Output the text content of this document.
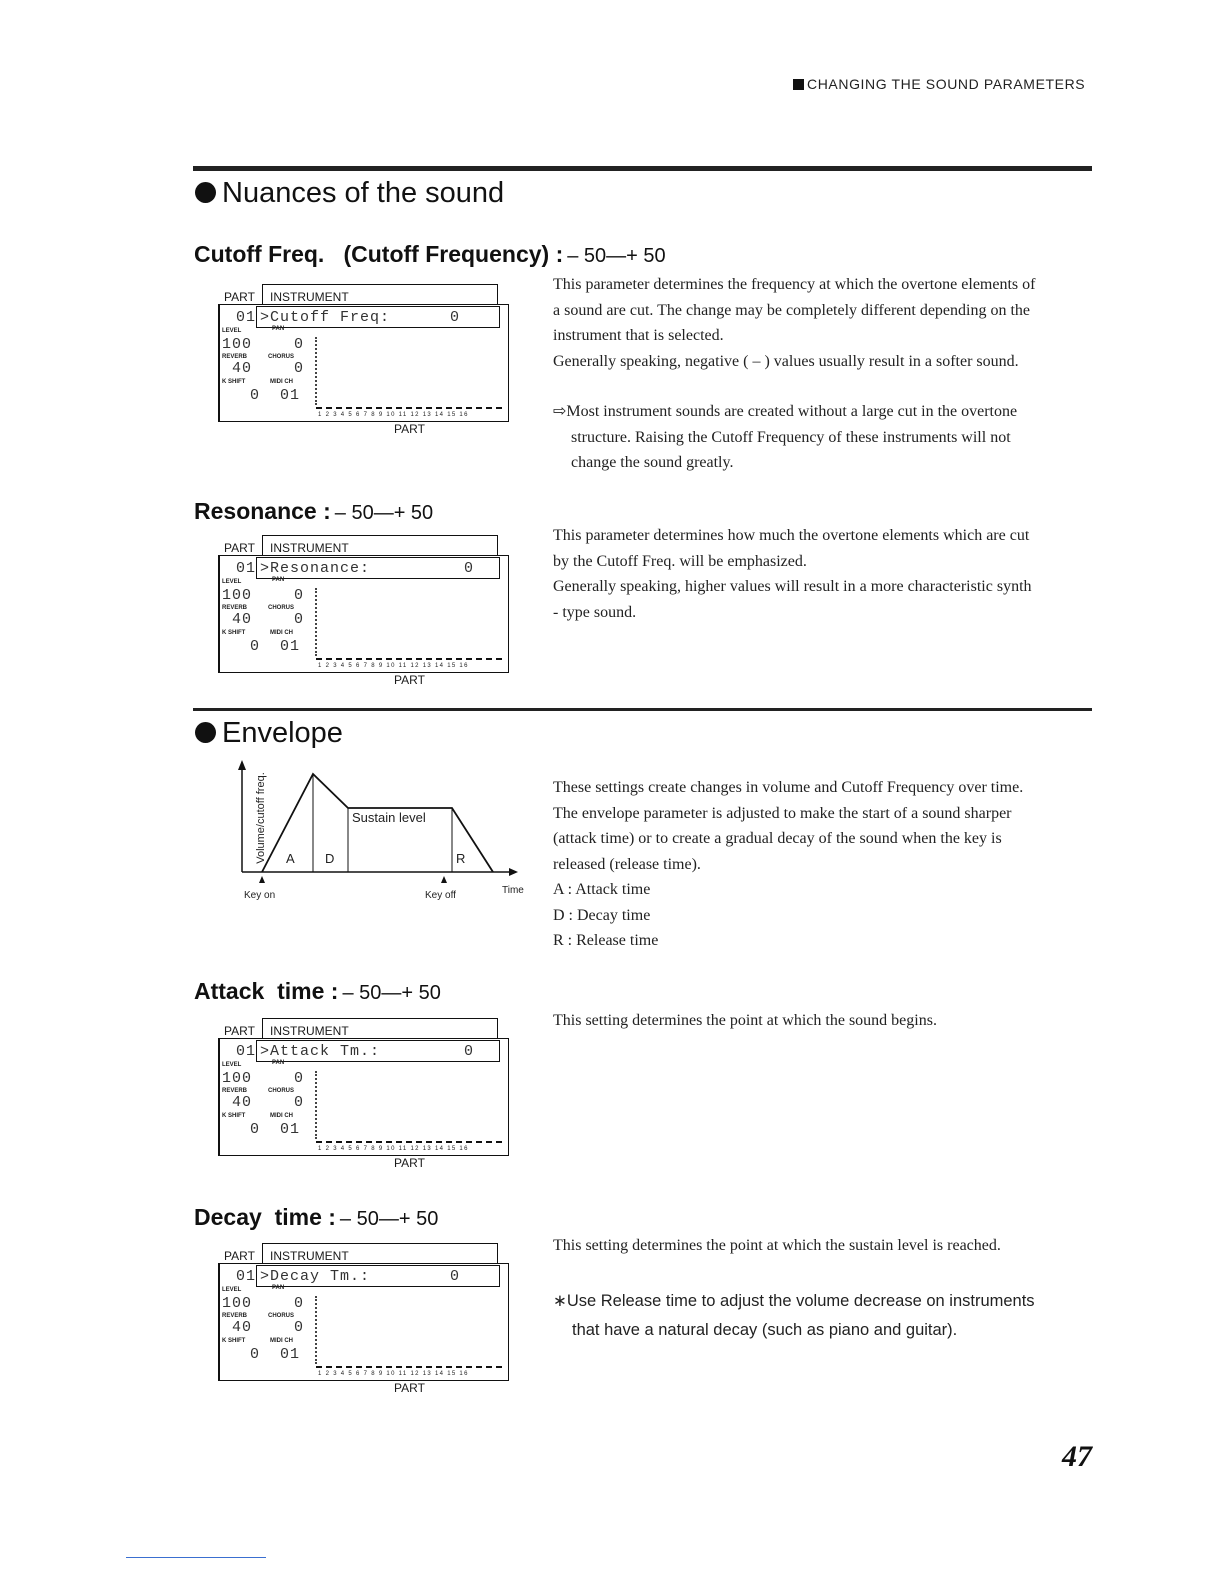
CHANGING THE SOUND PARAMETERS
Nuances of the sound
Cutoff Freq. (Cutoff Frequency) : – 50—+ 50
PART INSTRUMENT
01 >Cutoff Freq:	0
LEVEL	PAN
100	0
REVERB	CHORUS
40	0
K SHIFT	MIDI CH
0 01
1 2 3 4 5 6 7 8 9 10 11 12 13 14 15 16
PART

This parameter determines the frequency at which the overtone elements of

a sound are cut. The change may be completely different depending on the

instrument that is selected.

Generally speaking, negative ( – ) values usually result in a softer sound.

⇨Most instrument sounds are created without a large cut in the overtone

structure. Raising the Cutoff Frequency of these instruments will not

change the sound greatly.

Resonance : – 50—+ 50
PART INSTRUMENT
01 >Resonance:	0
LEVEL	PAN
100	0
REVERB	CHORUS
40	0
K SHIFT	MIDI CH
0 01
1 2 3 4 5 6 7 8 9 10 11 12 13 14 15 16
PART

This parameter determines how much the overtone elements which are cut

by the Cutoff Freq. will be emphasized.

Generally speaking, higher values will result in a more characteristic synth

- type sound.

Envelope
Volume/cutoff freq.	Sustain level
A D	R
Key on	Key off	Time

These settings create changes in volume and Cutoff Frequency over time.

The envelope parameter is adjusted to make the start of a sound sharper

(attack time) or to create a gradual decay of the sound when the key is

released (release time).

A : Attack time

D : Decay time

R : Release time

Attack time : – 50—+ 50
PART INSTRUMENT
01 >Attack Tm.:	0
LEVEL	PAN
100	0
REVERB	CHORUS
40	0
K SHIFT	MIDI CH
0 01
1 2 3 4 5 6 7 8 9 10 11 12 13 14 15 16
PART

This setting determines the point at which the sound begins.

Decay time : – 50—+ 50
PART INSTRUMENT
01 >Decay Tm.:	0
LEVEL	PAN
100	0
REVERB	CHORUS
40	0
K SHIFT	MIDI CH
0 01
1 2 3 4 5 6 7 8 9 10 11 12 13 14 15 16
PART

This setting determines the point at which the sustain level is reached.

∗Use Release time to adjust the volume decrease on instruments
that have a natural decay (such as piano and guitar).
47
